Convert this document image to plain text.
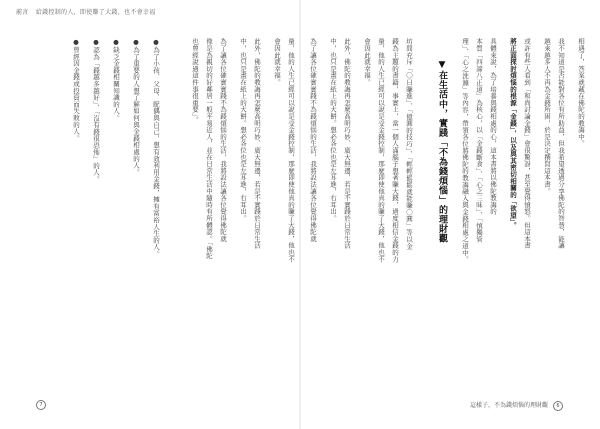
前言 給錢控制的人，即使賺了大錢，也不會幸福
相遇了，答案就藏在佛陀的教誨中。
我不知道是否能對各位有所助益，但我希望透過分享佛陀的智慧，能讓
越來越多人不再為金錢所困，於是決定撰寫這本書。
或許有些人看到「和尚討論金錢」會很驚訝，甚至覺得憤怒。但這本書
將正面探討煩惱的根源「金錢」，以及與其密切相關的「欲望」。
具體來說，為了培養與錢相處的心，這本書將以佛陀教誨的
本質「四諦八正道」為核心，以「金錢斷食」、「心之三昧」、「慎獨管
理」、「心之洗滌」等內容，帶領各位將佛陀的教誨融入與金錢相處之道中。
▼在生活中，實踐「不為錢煩惱」的理財觀
坊間充斥「〇日賺進」、「億圓的技巧」、「輕輕鬆鬆就能賺〇圓」等以金
錢為主題的書籍，事實上，當一個人滿腦子想著賺大錢，過度相信金錢的力
量，他的人生已經可以說是受金錢控制，那麼即使他真的賺了大錢，他也不
會因此就幸福。
此外，佛陀的教誨再怎麼高明巧妙、廣大無邊，若是不實踐於日常生活
中，也只是畫在紙上的大餅。想必各位也是左耳進，右耳出。
為了讓各位確實實踐不為錢煩惱的生活，我將設法讓各位覺得佛陀就
量，他的人生已經可以說是受金錢控制，那麼即使他真的賺了大錢，他也不
會因此就幸福。
此外，佛陀的教誨再怎麼高明巧妙、廣大無邊，若是不實踐於日常生活
中，也只是畫在紙上的大餅。想必各位也是左耳進，右耳出。
為了讓各位確實實踐不為錢煩惱的生活，我將設法讓各位覺得佛陀就
像是為親切的好鄰居一般平易近人，並在日常生活中隨時有所體認。「佛陀
也曾經說過這件事很重要」。
●為了小孩、父母、配偶與自己，想有效利用金錢，擁有富裕人生的人。
●為了重要的人想了解如何與金錢相處的人。
●缺乏金錢相關知識的人。
●認為「錢越多越好」、「沒有錢很恐怖」的人。
●曾經因金錢或投資而失敗的人。
7	這樣子，不為錢煩惱的理財觀 6
